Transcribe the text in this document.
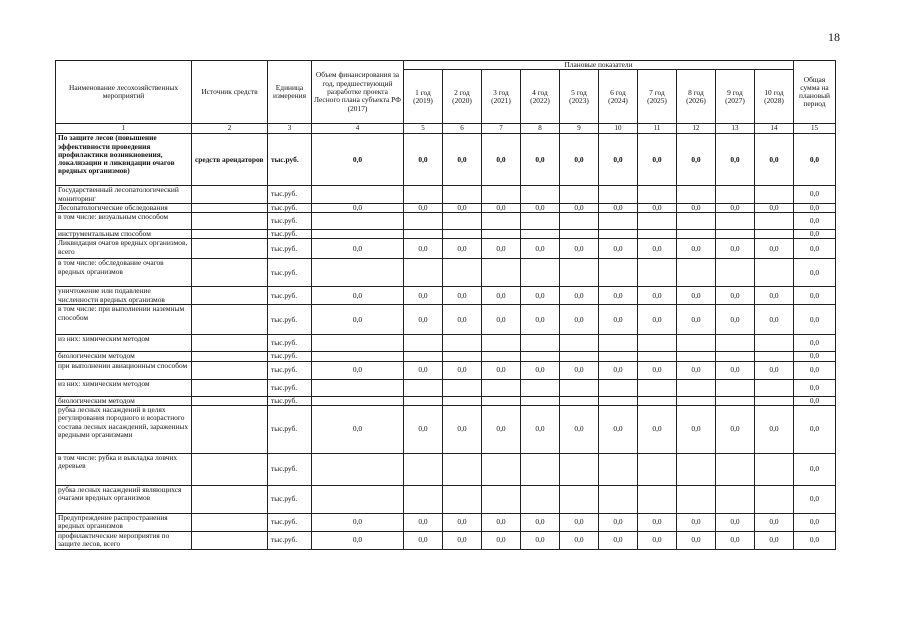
18
Наименование лесохозяйственных мероприятий	Источник средств	Единица измерения	Объем финансирования за год, предшествующий разработке проекта Лесного плана субъекта РФ (2017)	Плановые показатели										Общая сумма на плановый период
				1 год (2019)	2 год (2020)	3 год (2021)	4 год (2022)	5 год (2023)	6 год (2024)	7 год (2025)	8 год (2026)	9 год (2027)	10 год (2028)	
1	2	3	4	5	6	7	8	9	10	11	12	13	14	15
По защите лесов (повышение эффективности проведения профилактики возникновения, локализации и ликвидации очагов вредных организмов)	средств арендаторов	тыс.руб.	0,0	0,0	0,0	0,0	0,0	0,0	0,0	0,0	0,0	0,0	0,0	0,0
Государственный лесопатологический мониторинг		тыс.руб.												0,0
Лесопатологические обследования		тыс.руб.	0,0	0,0	0,0	0,0	0,0	0,0	0,0	0,0	0,0	0,0	0,0	0,0
в том числе: визуальным способом		тыс.руб.												0,0
инструментальным способом		тыс.руб.												0,0
Ликвидация очагов вредных организмов, всего		тыс.руб.	0,0	0,0	0,0	0,0	0,0	0,0	0,0	0,0	0,0	0,0	0,0	0,0
в том числе: обследование очагов вредных организмов		тыс.руб.												0,0
уничтожение или подавление численности вредных организмов		тыс.руб.	0,0	0,0	0,0	0,0	0,0	0,0	0,0	0,0	0,0	0,0	0,0	0,0
в том числе: при выполнении наземным способом		тыс.руб.	0,0	0,0	0,0	0,0	0,0	0,0	0,0	0,0	0,0	0,0	0,0	0,0
из них: химическим методом		тыс.руб.												0,0
биологическим методом		тыс.руб.												0,0
при выполнении авиационным способом		тыс.руб.	0,0	0,0	0,0	0,0	0,0	0,0	0,0	0,0	0,0	0,0	0,0	0,0
из них: химическим методом		тыс.руб.												0,0
биологическим методом		тыс.руб.												0,0
рубка лесных насаждений в целях регулирования породного и возрастного состава лесных насаждений, зараженных вредными организмами		тыс.руб.	0,0	0,0	0,0	0,0	0,0	0,0	0,0	0,0	0,0	0,0	0,0	0,0
в том числе: рубка и выкладка ловчих деревьев		тыс.руб.												0,0
рубка лесных насаждений являющихся очагами вредных организмов		тыс.руб.												0,0
Предупреждение распространения вредных организмов		тыс.руб.	0,0	0,0	0,0	0,0	0,0	0,0	0,0	0,0	0,0	0,0	0,0	0,0
профилактические мероприятия по защите лесов, всего		тыс.руб.	0,0	0,0	0,0	0,0	0,0	0,0	0,0	0,0	0,0	0,0	0,0	0,0
